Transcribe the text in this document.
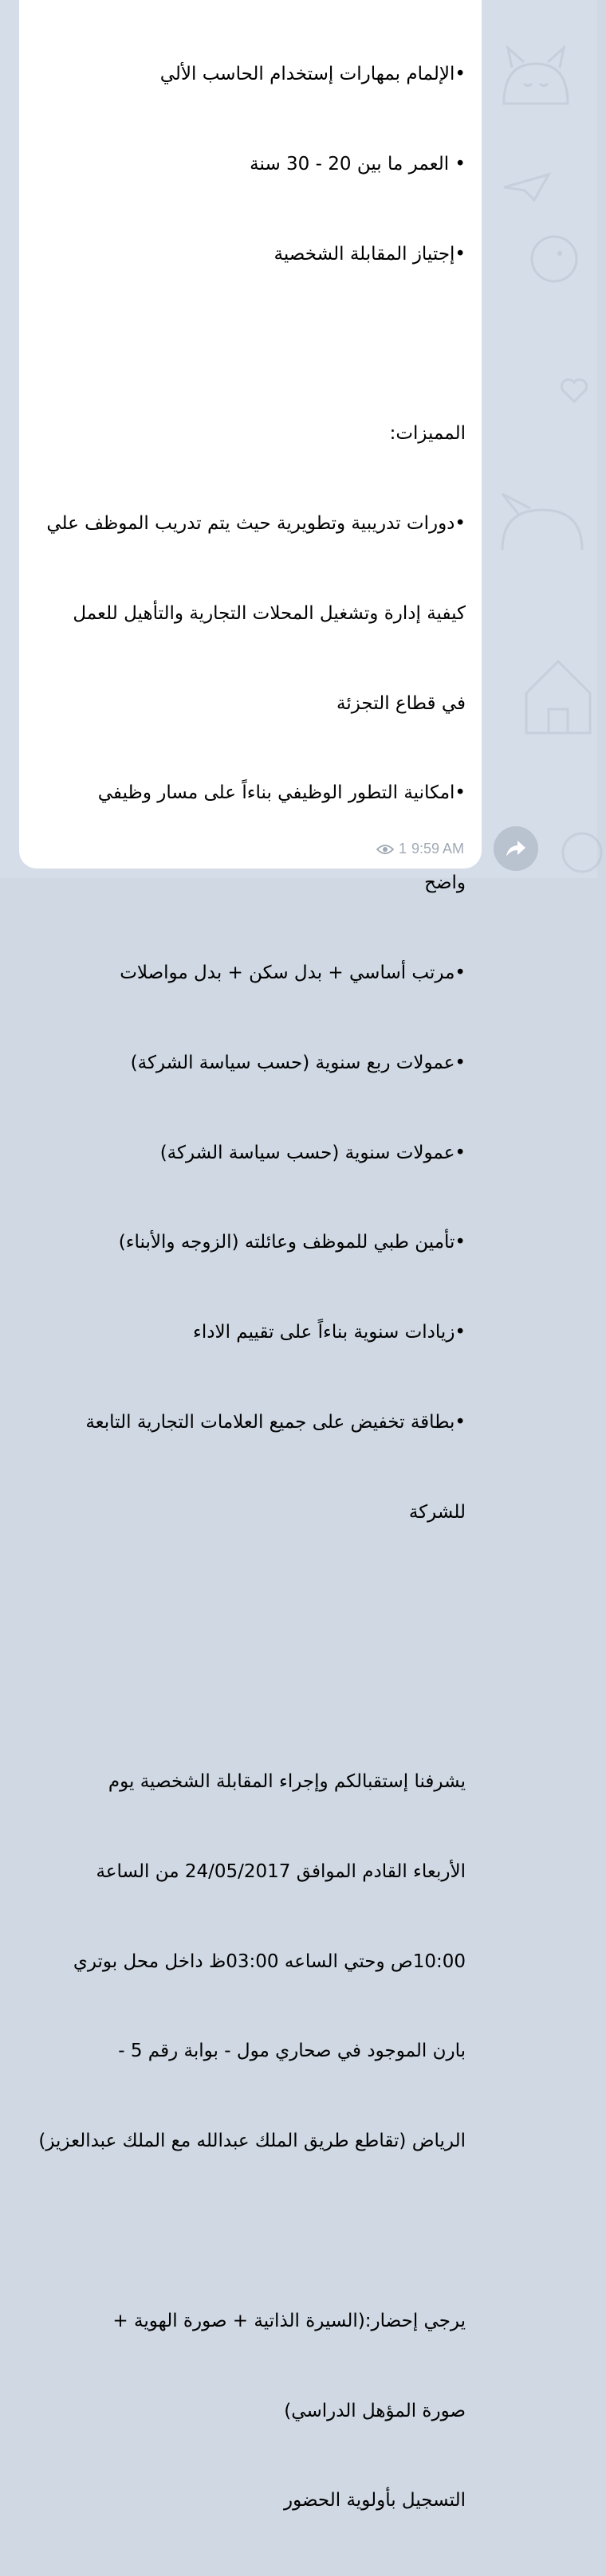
•الإلمام بمهارات إستخدام الحاسب الألي

• العمر ما بين 20 - 30 سنة

•إجتياز المقابلة الشخصية

المميزات:

•دورات تدريبية وتطويرية حيث يتم تدريب الموظف علي

كيفية إدارة وتشغيل المحلات التجارية والتأهيل للعمل

في قطاع التجزئة

•امكانية التطور الوظيفي بناءاً على مسار وظيفي

واضح

•مرتب أساسي + بدل سكن + بدل مواصلات

•عمولات ربع سنوية (حسب سياسة الشركة)

•عمولات سنوية (حسب سياسة الشركة)

•تأمين طبي للموظف وعائلته (الزوجه والأبناء)

•زيادات سنوية بناءاً على تقييم الاداء

•بطاقة تخفيض على جميع العلامات التجارية التابعة

للشركة

يشرفنا إستقبالكم وإجراء المقابلة الشخصية يوم

الأربعاء القادم الموافق 24/05/2017 من الساعة

10:00ص وحتي الساعه 03:00ظ داخل محل بوتري

بارن الموجود في صحاري مول - بوابة رقم 5 -

الرياض (تقاطع طريق الملك عبدالله مع الملك عبدالعزيز)

يرجي إحضار:(السيرة الذاتية + صورة الهوية +

صورة المؤهل الدراسي)

التسجيل بأولوية الحضور

1 9:59 AM
